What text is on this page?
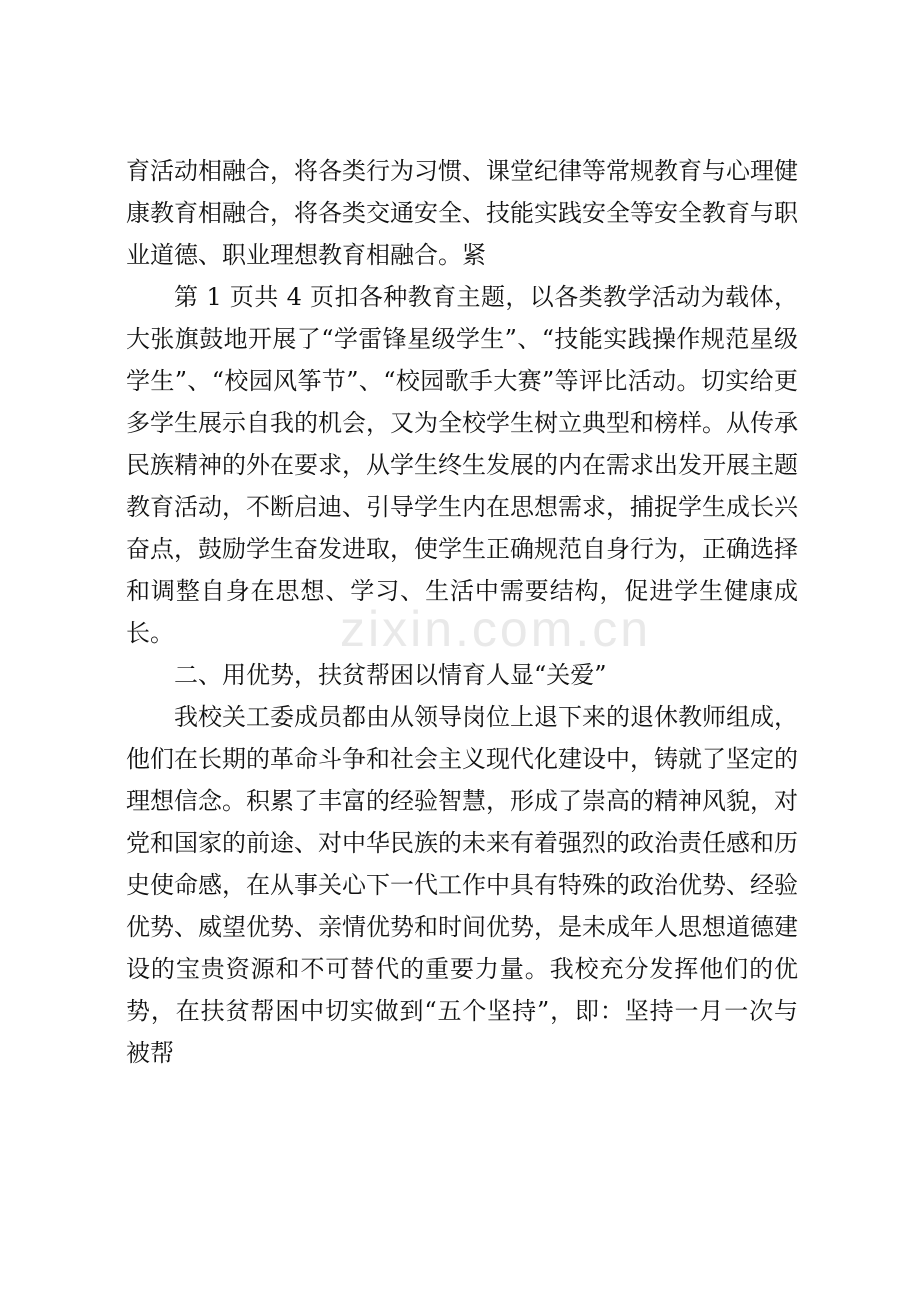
zixin.com.cn

育活动相融合，将各类行为习惯、课堂纪律等常规教育与心理健康教育相融合，将各类交通安全、技能实践安全等安全教育与职业道德、职业理想教育相融合。紧

第 1 页共 4 页扣各种教育主题，以各类教学活动为载体，大张旗鼓地开展了“学雷锋星级学生”、“技能实践操作规范星级学生”、“校园风筝节”、“校园歌手大赛”等评比活动。切实给更多学生展示自我的机会，又为全校学生树立典型和榜样。从传承民族精神的外在要求，从学生终生发展的内在需求出发开展主题教育活动，不断启迪、引导学生内在思想需求，捕捉学生成长兴奋点，鼓励学生奋发进取，使学生正确规范自身行为，正确选择和调整自身在思想、学习、生活中需要结构，促进学生健康成长。

二、用优势，扶贫帮困以情育人显“关爱”

我校关工委成员都由从领导岗位上退下来的退休教师组成，他们在长期的革命斗争和社会主义现代化建设中，铸就了坚定的理想信念。积累了丰富的经验智慧，形成了崇高的精神风貌，对党和国家的前途、对中华民族的未来有着强烈的政治责任感和历史使命感，在从事关心下一代工作中具有特殊的政治优势、经验优势、威望优势、亲情优势和时间优势，是未成年人思想道德建设的宝贵资源和不可替代的重要力量。我校充分发挥他们的优势，在扶贫帮困中切实做到“五个坚持”，即：坚持一月一次与被帮
